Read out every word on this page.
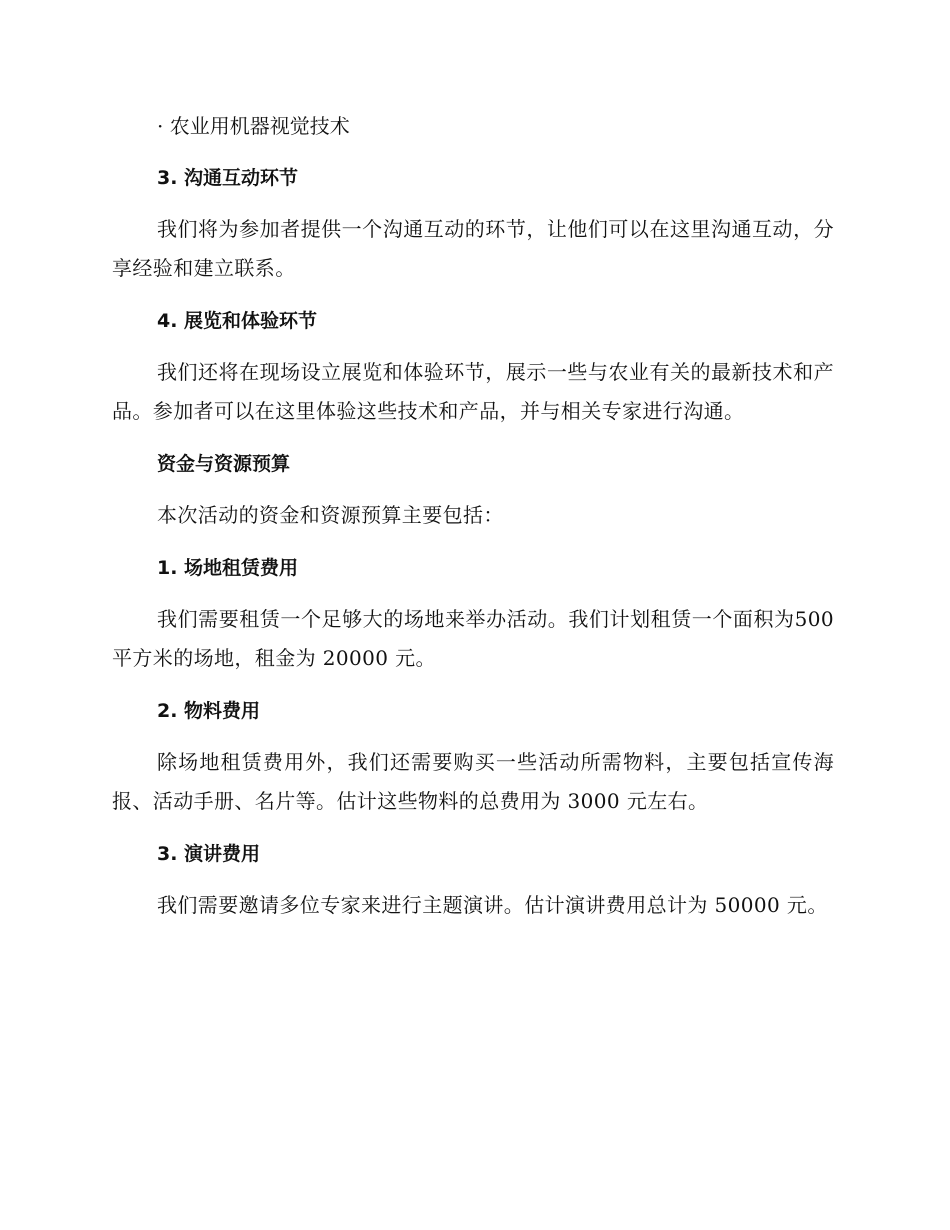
· 农业用机器视觉技术
3. 沟通互动环节
我们将为参加者提供一个沟通互动的环节，让他们可以在这里沟通互动，分享经验和建立联系。
4. 展览和体验环节
我们还将在现场设立展览和体验环节，展示一些与农业有关的最新技术和产品。参加者可以在这里体验这些技术和产品，并与相关专家进行沟通。
资金与资源预算
本次活动的资金和资源预算主要包括：
1. 场地租赁费用
我们需要租赁一个足够大的场地来举办活动。我们计划租赁一个面积为500 平方米的场地，租金为 20000 元。
2. 物料费用
除场地租赁费用外，我们还需要购买一些活动所需物料，主要包括宣传海报、活动手册、名片等。估计这些物料的总费用为 3000 元左右。
3. 演讲费用
我们需要邀请多位专家来进行主题演讲。估计演讲费用总计为 50000 元。
